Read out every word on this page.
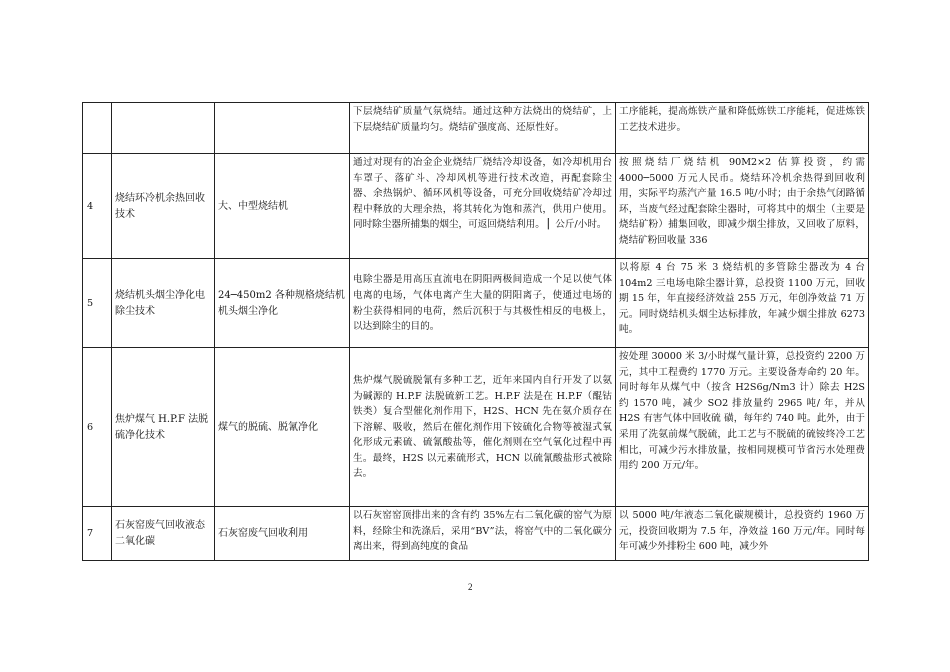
			下层烧结矿质量气氛烧结。通过这种方法烧出的烧结矿，上下层烧结矿质量均匀。烧结矿强度高、还原性好。	工序能耗，提高炼铁产量和降低炼铁工序能耗，促进炼铁工艺技术进步。
4	烧结环冷机余热回收技术	大、中型烧结机	通过对现有的冶金企业烧结厂烧结冷却设备，如冷却机用台车罩子、落矿斗、冷却风机等进行技术改造，再配套除尘器、余热锅炉、循环风机等设备，可充分回收烧结矿冷却过程中释放的大理余热，将其转化为饱和蒸汽，供用户使用。同时除尘器所捕集的烟尘，可返回烧结利用。 ▏公斤/小时。	按照烧结厂烧结机 90M2×2 估算投资，约需4000─5000 万元人民币。烧结环冷机余热得到回收利用，实际平均蒸汽产量 16.5 吨/小时；由于余热气闭路循环，当废气经过配套除尘器时，可将其中的烟尘（主要是烧结矿粉）捕集回收，即减少烟尘排放，又回收了原料，烧结矿粉回收量 336
5	烧结机头烟尘净化电除尘技术	24─450m2 各种规格烧结机机头烟尘净化	电除尘器是用高压直流电在阴阳两极间造成一个足以使气体电离的电场，气体电离产生大量的阴阳离子，使通过电场的粉尘获得相同的电荷，然后沉积于与其极性相反的电极上，以达到除尘的目的。	以将原 4 台 75 米 3 烧结机的多管除尘器改为 4 台 104m2 三电场电除尘器计算，总投资 1100 万元，回收期 15 年，年直接经济效益 255 万元，年创净效益 71 万元。同时烧结机头烟尘达标排放，年减少烟尘排放 6273 吨。
6	焦炉煤气 H.P.F 法脱硫净化技术	煤气的脱硫、脱氰净化	焦炉煤气脱硫脱氰有多种工艺，近年来国内自行开发了以氨为碱源的 H.P.F 法脱硫新工艺。H.P.F 法是在 H.P.F（醌钴铁类）复合型催化剂作用下，H2S、HCN 先在氨介质存在下溶解、吸收，然后在催化剂作用下铵硫化合物等被湿式氧化形成元素硫、硫氰酸盐等，催化剂则在空气氧化过程中再生。最终，H2S 以元素硫形式，HCN 以硫氰酸盐形式被除去。	按处理 30000 米 3/小时煤气量计算，总投资约 2200 万元，其中工程费约 1770 万元。主要设备寿命约 20 年。同时每年从煤气中（按含 H2S6g/Nm3 计）除去 H2S 约 1570 吨，减少 SO2 排放量约 2965 吨/ 年，并从 H2S 有害气体中回收硫 磺，每年约 740 吨。此外，由于采用了洗氨前煤气脱硫，此工艺与不脱硫的硫铵终冷工艺相比，可减少污水排放量，按相同规模可节省污水处理费用约 200 万元/年。
7	石灰窑废气回收液态二氧化碳	石灰窑废气回收利用	以石灰窑窑顶排出来的含有约 35%左右二氧化碳的窑气为原料，经除尘和洗涤后，采用“BV”法，将窑气中的二氧化碳分离出来，得到高纯度的食品	以 5000 吨/年液态二氧化碳规模计，总投资约 1960 万元，投资回收期为 7.5 年，净效益 160 万元/年。同时每年可减少外排粉尘 600 吨，减少外
2
